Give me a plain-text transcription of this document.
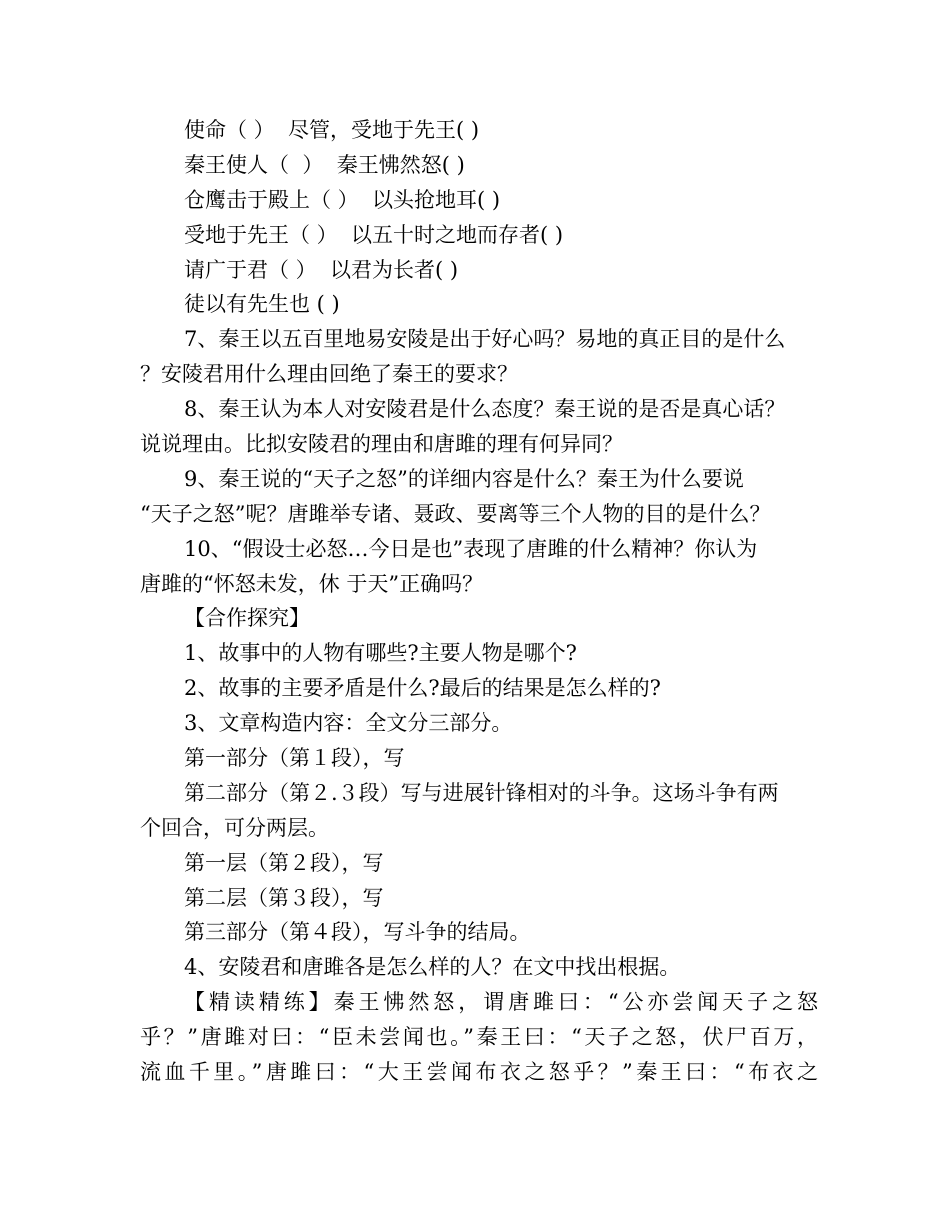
使命（ ）  尽管，受地于先王( )
秦王使人（  ）  秦王怫然怒( )
仓鹰击于殿上（ ）  以头抢地耳( )
受地于先王（ ）  以五十时之地而存者( )
请广于君（ ）  以君为长者( )
徒以有先生也 ( )
7、秦王以五百里地易安陵是出于好心吗？易地的真正目的是什么
？安陵君用什么理由回绝了秦王的要求？
8、秦王认为本人对安陵君是什么态度？秦王说的是否是真心话？
说说理由。比拟安陵君的理由和唐雎的理有何异同？
9、秦王说的“天子之怒”的详细内容是什么？秦王为什么要说
“天子之怒”呢？唐雎举专诸、聂政、要离等三个人物的目的是什么？
10、“假设士必怒…今日是也”表现了唐雎的什么精神？你认为
唐雎的“怀怒未发，休 于天”正确吗？
【合作探究】
1、故事中的人物有哪些?主要人物是哪个?
2、故事的主要矛盾是什么?最后的结果是怎么样的?
3、文章构造内容：全文分三部分。
第一部分（第１段），写
第二部分（第２.３段）写与进展针锋相对的斗争。这场斗争有两
个回合，可分两层。
第一层（第２段），写
第二层（第３段），写
第三部分（第４段），写斗争的结局。
4、安陵君和唐雎各是怎么样的人？在文中找出根据。
【精读精练】秦王怫然怒，谓唐雎曰：“公亦尝闻天子之怒
乎？”唐雎对曰：“臣未尝闻也。”秦王曰：“天子之怒，伏尸百万，
流血千里。”唐雎曰：“大王尝闻布衣之怒乎？”秦王曰：“布衣之
